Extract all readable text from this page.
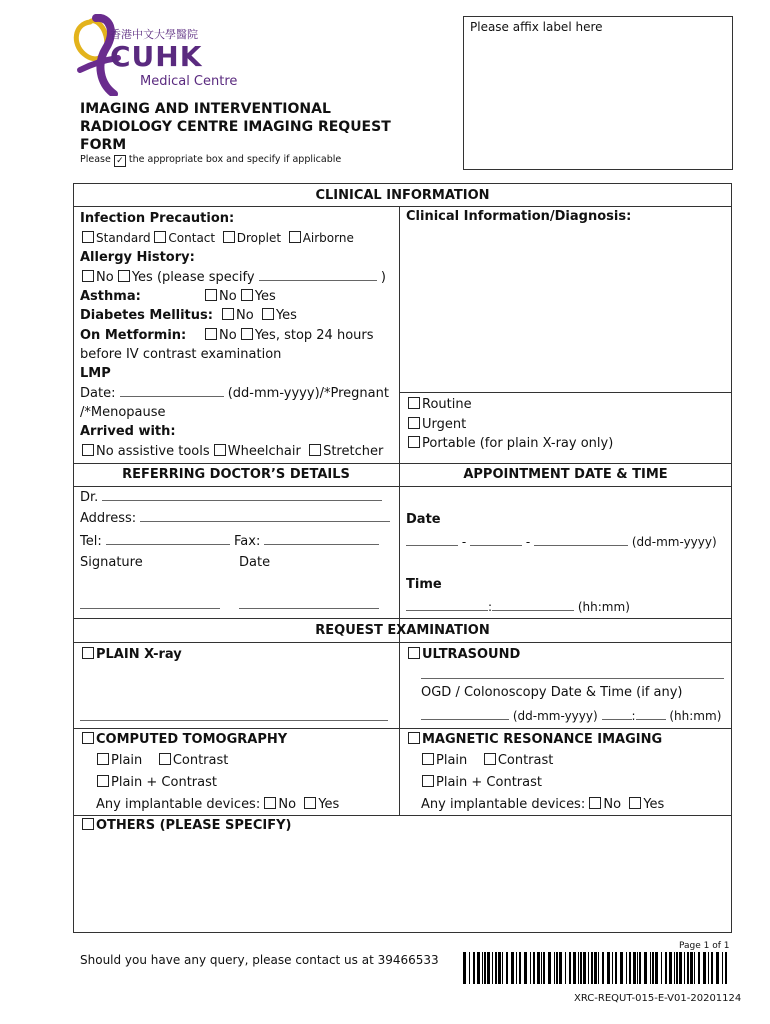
香港中文大學醫院
CUHK
Medical Centre
Please affix label here
IMAGING AND INTERVENTIONAL
RADIOLOGY CENTRE IMAGING REQUEST
FORM
Please ✓ the appropriate box and specify if applicable
CLINICAL INFORMATION
Infection Precaution:
Standard Contact Droplet Airborne
Allergy History:
No Yes (please specify	)
Asthma:	No Yes
Diabetes Mellitus:	No Yes
On Metformin:	No Yes, stop 24 hours
before IV contrast examination
LMP
Date:	(dd-mm-yyyy)/*Pregnant
/*Menopause
Arrived with:
No assistive tools Wheelchair Stretcher
Clinical Information/Diagnosis:
Routine
Urgent
Portable (for plain X-ray only)
REFERRING DOCTOR’S DETAILS
Dr.
Address:
Tel:	Fax:
Signature	Date
APPOINTMENT DATE & TIME
Date
-	-	(dd-mm-yyyy)
Time
:	(hh:mm)
REQUEST EXAMINATION
PLAIN X-ray	ULTRASOUND
OGD / Colonoscopy Date & Time (if any)
(dd-mm-yyyy)	:	(hh:mm)
COMPUTED TOMOGRAPHY
Plain Contrast
Plain + Contrast
Any implantable devices: No Yes
MAGNETIC RESONANCE IMAGING
Plain Contrast
Plain + Contrast
Any implantable devices: No Yes
OTHERS (PLEASE SPECIFY)
Page 1 of 1
Should you have any query, please contact us at 39466533
XRC-REQUT-015-E-V01-20201124
